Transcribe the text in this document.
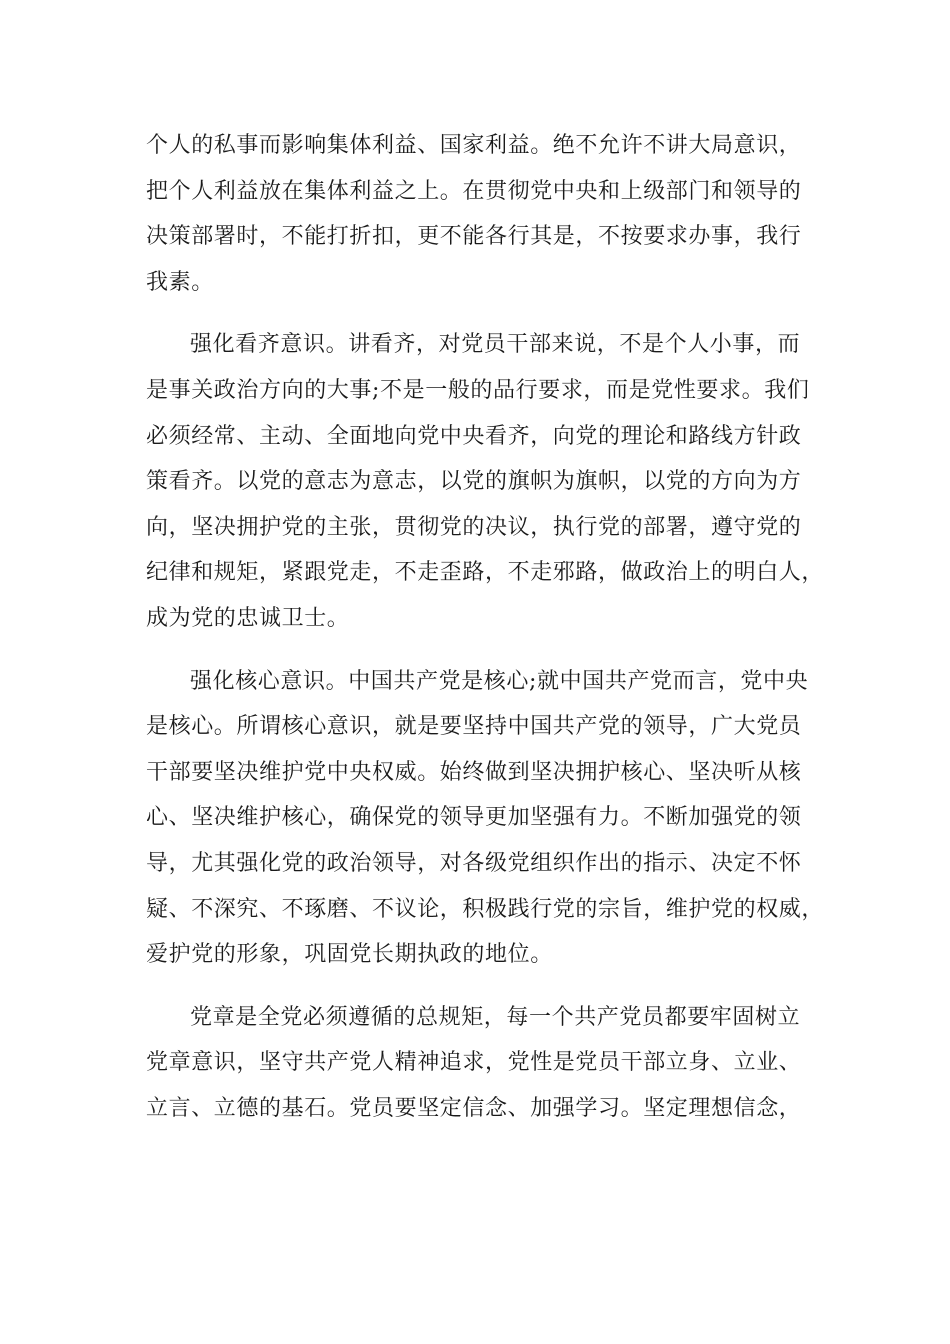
个人的私事而影响集体利益、国家利益。绝不允许不讲大局意识，
把个人利益放在集体利益之上。在贯彻党中央和上级部门和领导的
决策部署时，不能打折扣，更不能各行其是，不按要求办事，我行
我素。
强化看齐意识。讲看齐，对党员干部来说，不是个人小事，而
是事关政治方向的大事;不是一般的品行要求，而是党性要求。我们
必须经常、主动、全面地向党中央看齐，向党的理论和路线方针政
策看齐。以党的意志为意志，以党的旗帜为旗帜，以党的方向为方
向，坚决拥护党的主张，贯彻党的决议，执行党的部署，遵守党的
纪律和规矩，紧跟党走，不走歪路，不走邪路，做政治上的明白人，
成为党的忠诚卫士。
强化核心意识。中国共产党是核心;就中国共产党而言，党中央
是核心。所谓核心意识，就是要坚持中国共产党的领导，广大党员
干部要坚决维护党中央权威。始终做到坚决拥护核心、坚决听从核
心、坚决维护核心，确保党的领导更加坚强有力。不断加强党的领
导，尤其强化党的政治领导，对各级党组织作出的指示、决定不怀
疑、不深究、不琢磨、不议论，积极践行党的宗旨，维护党的权威，
爱护党的形象，巩固党长期执政的地位。
党章是全党必须遵循的总规矩，每一个共产党员都要牢固树立
党章意识，坚守共产党人精神追求，党性是党员干部立身、立业、
立言、立德的基石。党员要坚定信念、加强学习。坚定理想信念，
